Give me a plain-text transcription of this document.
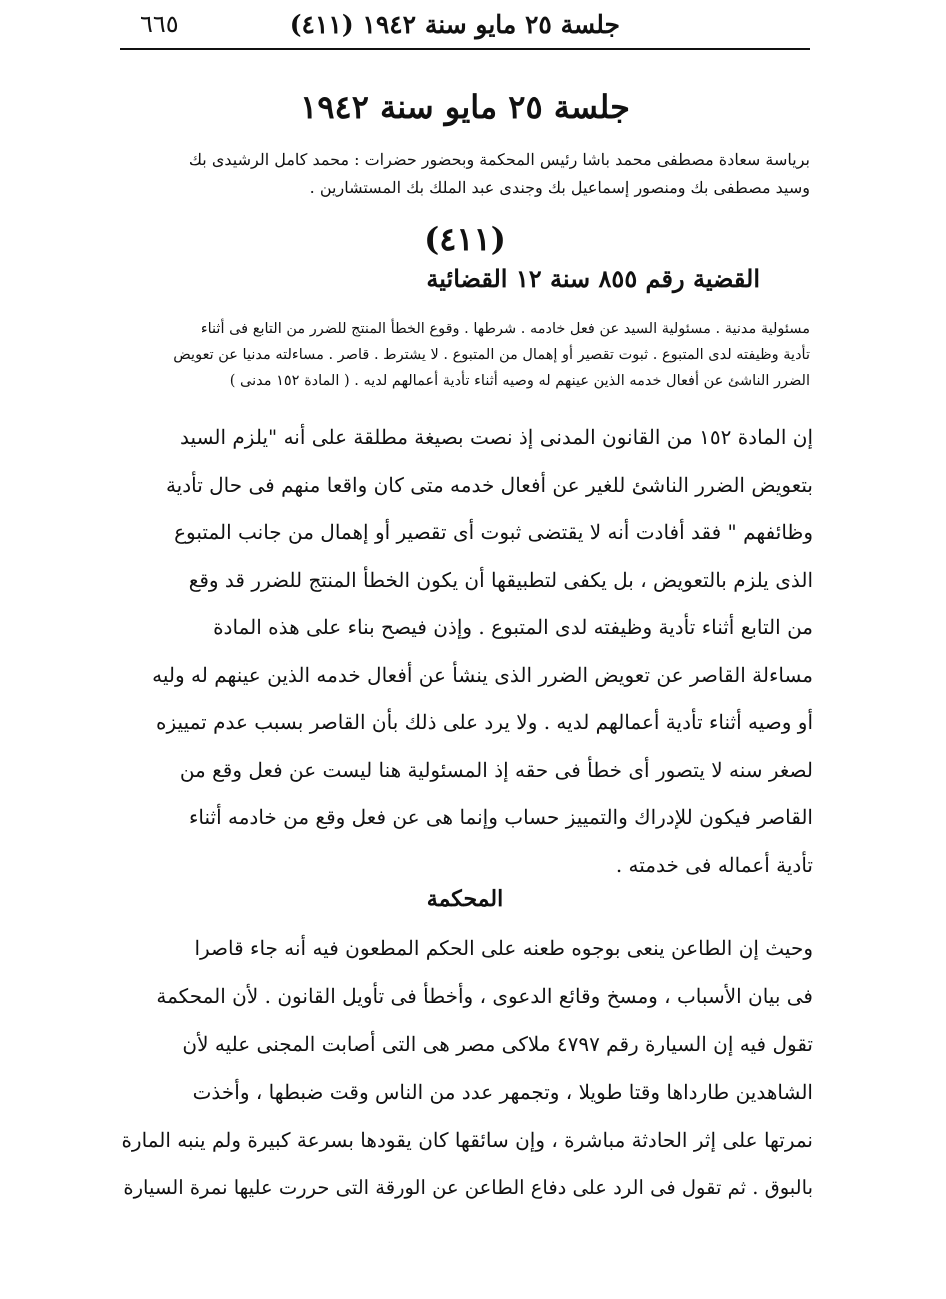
جلسة ٢٥ مايو سنة ١٩٤٢ (٤١١)
٦٦٥
جلسة ٢٥ مايو سنة ١٩٤٢
برياسة سعادة مصطفى محمد باشا رئيس المحكمة وبحضور حضرات : محمد كامل الرشيدى بك
وسيد مصطفى بك ومنصور إسماعيل بك وجندى عبد الملك بك المستشارين .
(٤١١)
القضية رقم ٨٥٥ سنة ١٢ القضائية
مسئولية مدنية . مسئولية السيد عن فعل خادمه . شرطها . وقوع الخطأ المنتج للضرر من التابع فى أثناء
تأدية وظيفته لدى المتبوع . ثبوت تقصير أو إهمال من المتبوع . لا يشترط . قاصر . مساءلته مدنيا عن تعويض
الضرر الناشئ عن أفعال خدمه الذين عينهم له وصيه أثناء تأدية أعمالهم لديه . ( المادة ١٥٢ مدنى )
إن المادة ١٥٢ من القانون المدنى إذ نصت بصيغة مطلقة على أنه "يلزم السيد
بتعويض الضرر الناشئ للغير عن أفعال خدمه متى كان واقعا منهم فى حال تأدية
وظائفهم " فقد أفادت أنه لا يقتضى ثبوت أى تقصير أو إهمال من جانب المتبوع
الذى يلزم بالتعويض ، بل يكفى لتطبيقها أن يكون الخطأ المنتج للضرر قد وقع
من التابع أثناء تأدية وظيفته لدى المتبوع . وإذن فيصح بناء على هذه المادة
مساءلة القاصر عن تعويض الضرر الذى ينشأ عن أفعال خدمه الذين عينهم له وليه
أو وصيه أثناء تأدية أعمالهم لديه . ولا يرد على ذلك بأن القاصر بسبب عدم تمييزه
لصغر سنه لا يتصور أى خطأ فى حقه إذ المسئولية هنا ليست عن فعل وقع من
القاصر فيكون للإدراك والتمييز حساب وإنما هى عن فعل وقع من خادمه أثناء
تأدية أعماله فى خدمته .
المحكمة
وحيث إن الطاعن ينعى بوجوه طعنه على الحكم المطعون فيه أنه جاء قاصرا
فى بيان الأسباب ، ومسخ وقائع الدعوى ، وأخطأ فى تأويل القانون . لأن المحكمة
تقول فيه إن السيارة رقم ٤٧٩٧ ملاكى مصر هى التى أصابت المجنى عليه لأن
الشاهدين طارداها وقتا طويلا ، وتجمهر عدد من الناس وقت ضبطها ، وأخذت
نمرتها على إثر الحادثة مباشرة ، وإن سائقها كان يقودها بسرعة كبيرة ولم ينبه المارة
بالبوق . ثم تقول فى الرد على دفاع الطاعن عن الورقة التى حررت عليها نمرة السيارة
